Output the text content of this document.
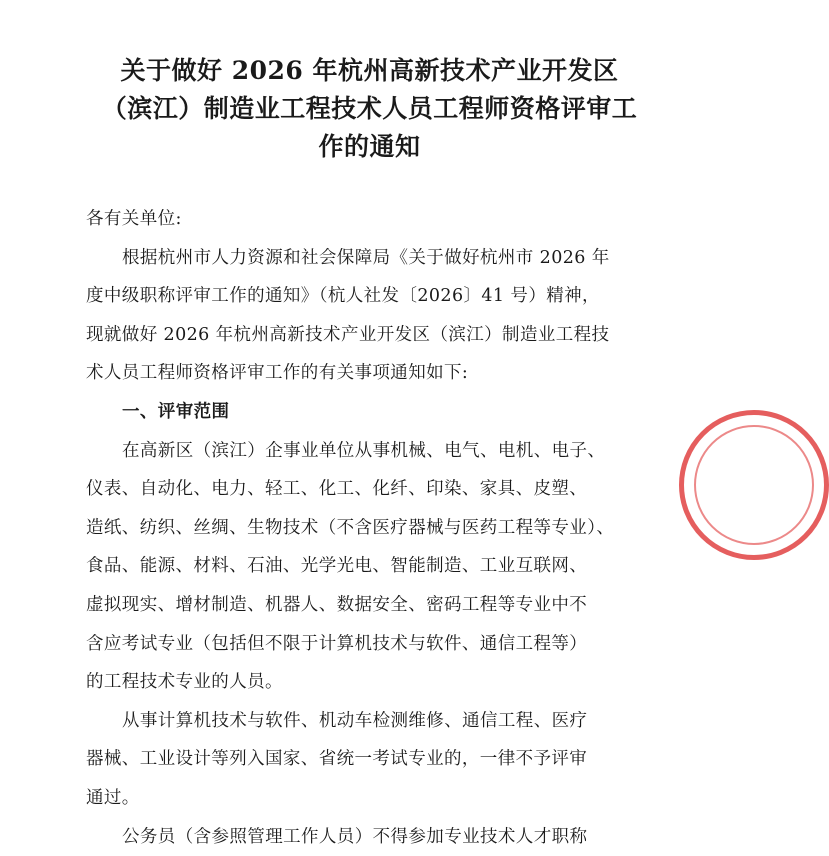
关于做好 2026 年杭州高新技术产业开发区
（滨江）制造业工程技术人员工程师资格评审工
作的通知
各有关单位:
根据杭州市人力资源和社会保障局《关于做好杭州市 2026 年
度中级职称评审工作的通知》（杭人社发〔2026〕41 号）精神，
现就做好 2026 年杭州高新技术产业开发区（滨江）制造业工程技
术人员工程师资格评审工作的有关事项通知如下:
一、评审范围
在高新区（滨江）企事业单位从事机械、电气、电机、电子、
仪表、自动化、电力、轻工、化工、化纤、印染、家具、皮塑、
造纸、纺织、丝绸、生物技术（不含医疗器械与医药工程等专业）、
食品、能源、材料、石油、光学光电、智能制造、工业互联网、
虚拟现实、增材制造、机器人、数据安全、密码工程等专业中不
含应考试专业（包括但不限于计算机技术与软件、通信工程等）
的工程技术专业的人员。
从事计算机技术与软件、机动车检测维修、通信工程、医疗
器械、工业设计等列入国家、省统一考试专业的，一律不予评审
通过。
公务员（含参照管理工作人员）不得参加专业技术人才职称
